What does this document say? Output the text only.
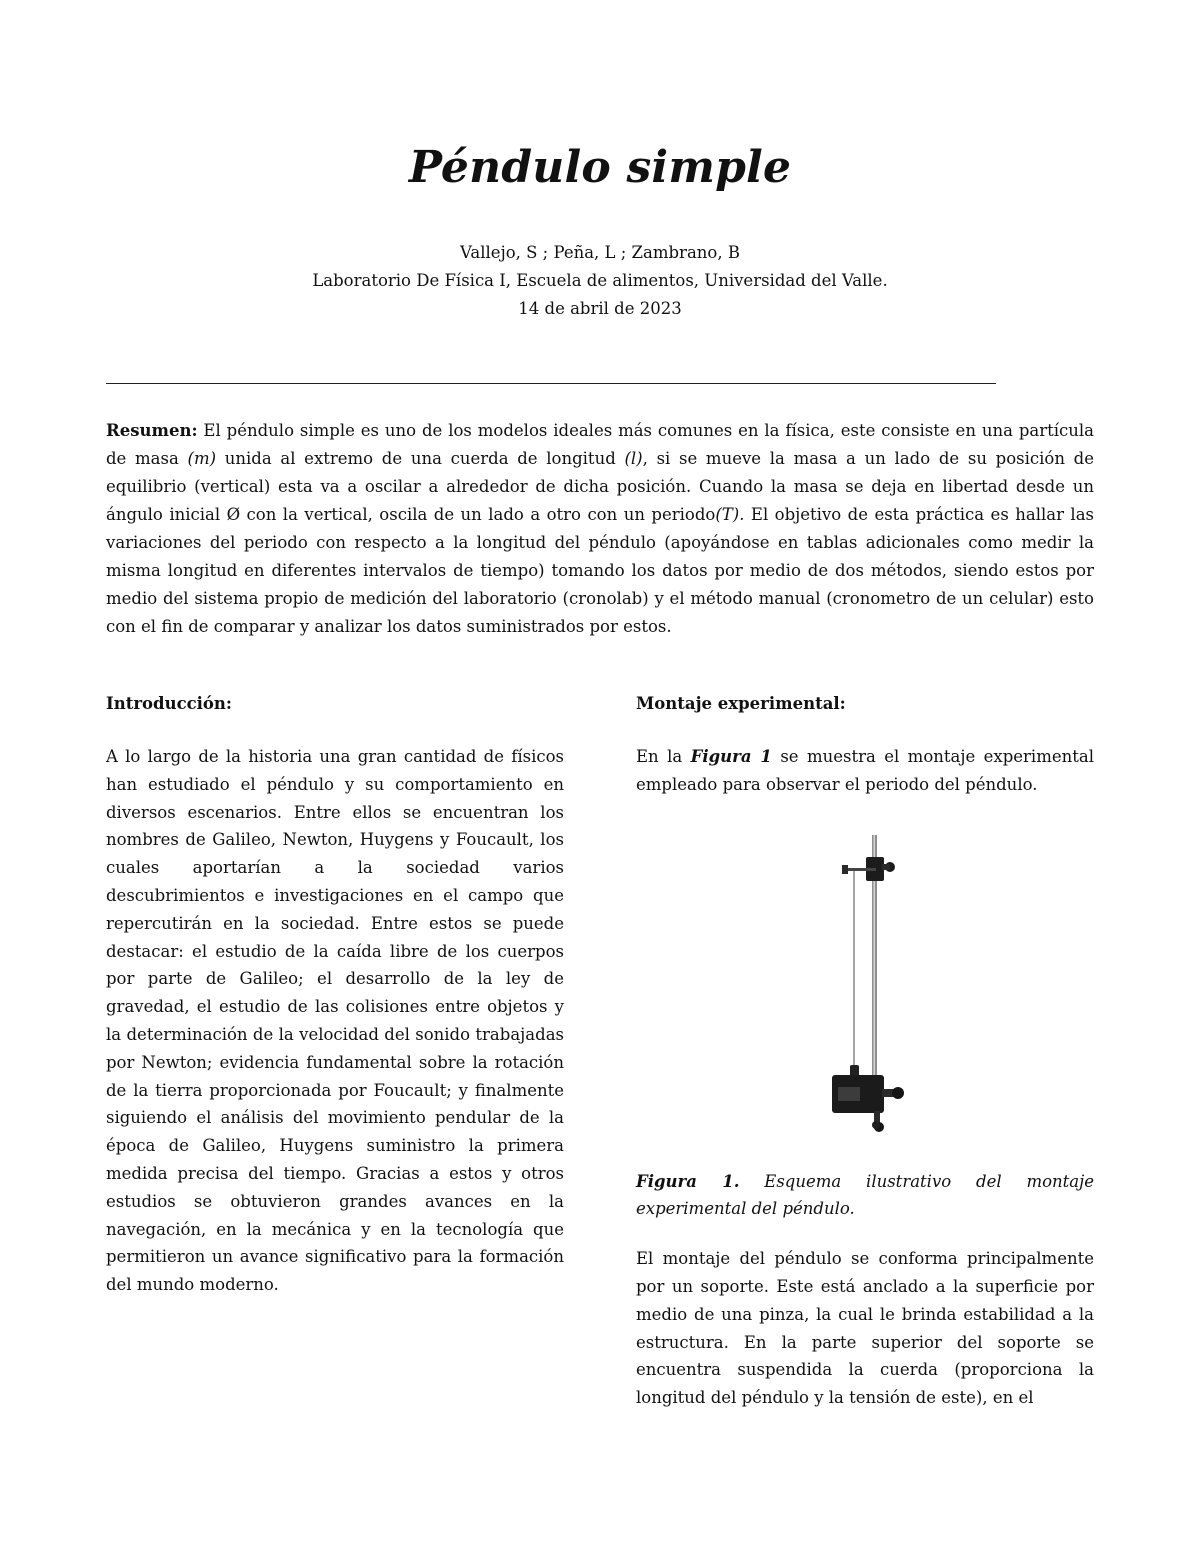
Péndulo simple
Vallejo, S ; Peña, L ; Zambrano, B
Laboratorio De Física I, Escuela de alimentos, Universidad del Valle.
14 de abril de 2023
Resumen: El péndulo simple es uno de los modelos ideales más comunes en la física, este consiste en una partícula de masa (m) unida al extremo de una cuerda de longitud (l), si se mueve la masa a un lado de su posición de equilibrio (vertical) esta va a oscilar a alrededor de dicha posición. Cuando la masa se deja en libertad desde un ángulo inicial Ø con la vertical, oscila de un lado a otro con un periodo(T). El objetivo de esta práctica es hallar las variaciones del periodo con respecto a la longitud del péndulo (apoyándose en tablas adicionales como medir la misma longitud en diferentes intervalos de tiempo) tomando los datos por medio de dos métodos, siendo estos por medio del sistema propio de medición del laboratorio (cronolab) y el método manual (cronometro de un celular) esto con el fin de comparar y analizar los datos suministrados por estos.
Introducción:
A lo largo de la historia una gran cantidad de físicos han estudiado el péndulo y su comportamiento en diversos escenarios. Entre ellos se encuentran los nombres de Galileo, Newton, Huygens y Foucault, los cuales aportarían a la sociedad varios descubrimientos e investigaciones en el campo que repercutirán en la sociedad. Entre estos se puede destacar: el estudio de la caída libre de los cuerpos por parte de Galileo; el desarrollo de la ley de gravedad, el estudio de las colisiones entre objetos y la determinación de la velocidad del sonido trabajadas por Newton; evidencia fundamental sobre la rotación de la tierra proporcionada por Foucault; y finalmente siguiendo el análisis del movimiento pendular de la época de Galileo, Huygens suministro la primera medida precisa del tiempo. Gracias a estos y otros estudios se obtuvieron grandes avances en la navegación, en la mecánica y en la tecnología que permitieron un avance significativo para la formación del mundo moderno.
Montaje experimental:
En la Figura 1 se muestra el montaje experimental empleado para observar el periodo del péndulo.
Figura 1. Esquema ilustrativo del montaje experimental del péndulo.
El montaje del péndulo se conforma principalmente por un soporte. Este está anclado a la superficie por medio de una pinza, la cual le brinda estabilidad a la estructura. En la parte superior del soporte se encuentra suspendida la cuerda (proporciona la longitud del péndulo y la tensión de este), en el
